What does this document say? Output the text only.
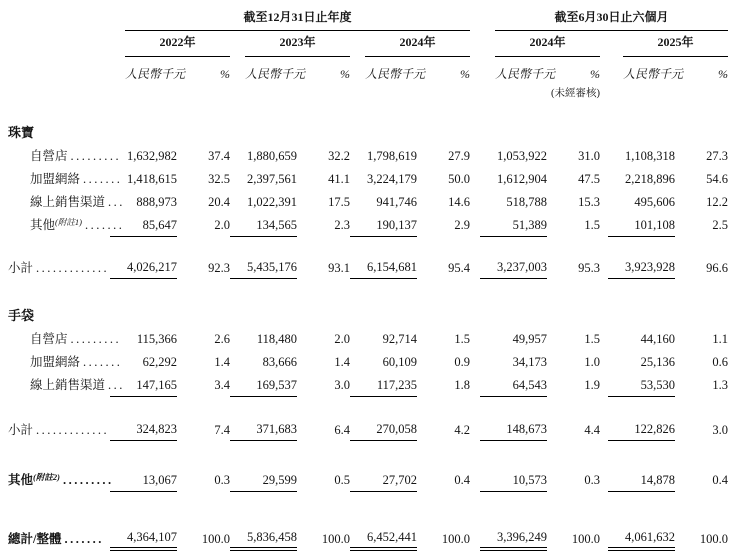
	截至12月31日止年度							截至6月30日止六個月					

	2022年		2023年		2024年			2024年			2025年		

	人民幣千元 %		人民幣千元 %		人民幣千元 %			人民幣千元 %			人民幣千元 %		

								(未經審核)					

珠寶													
自營店 .........	1,632,982	37.4	1,880,659	32.2	1,798,619	27.9		1,053,922	31.0		1,108,318	27.3	
加盟網絡 .......	1,418,615	32.5	2,397,561	41.1	3,224,179	50.0		1,612,904	47.5		2,218,896	54.6	
線上銷售渠道 ...	888,973	20.4	1,022,391	17.5	941,746	14.6		518,788	15.3		495,606	12.2	
其他$^{(附註1)}$ .......	85,647	2.0	134,565	2.3	190,137	2.9		51,389	1.5		101,108	2.5	

小計 .............	4,026,217	92.3	5,435,176	93.1	6,154,681	95.4		3,237,003	95.3		3,923,928	96.6	

手袋													
自營店 .........	115,366	2.6	118,480	2.0	92,714	1.5		49,957	1.5		44,160	1.1	
加盟網絡 .......	62,292	1.4	83,666	1.4	60,109	0.9		34,173	1.0		25,136	0.6	
線上銷售渠道 ...	147,165	3.4	169,537	3.0	117,235	1.8		64,543	1.9		53,530	1.3	

小計 .............	324,823	7.4	371,683	6.4	270,058	4.2		148,673	4.4		122,826	3.0	

其他$^{(附註2)}$ .........	13,067	0.3	29,599	0.5	27,702	0.4		10,573	0.3		14,878	0.4	

總計/整體 .......	4,364,107	100.0	5,836,458	100.0	6,452,441	100.0		3,396,249	100.0		4,061,632	100.0	
